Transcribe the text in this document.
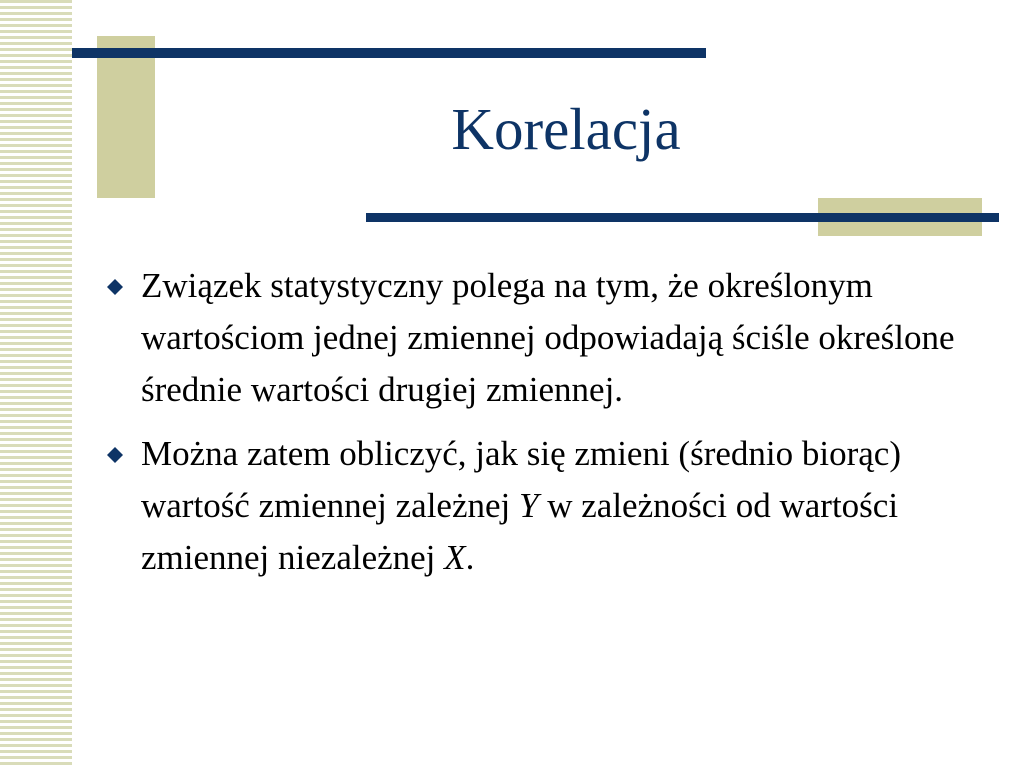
Korelacja
Związek statystyczny polega na tym, że określonym wartościom jednej zmiennej odpowiadają ściśle określone średnie wartości drugiej zmiennej.
Można zatem obliczyć, jak się zmieni (średnio biorąc) wartość zmiennej zależnej Y w zależności od wartości zmiennej niezależnej X.
